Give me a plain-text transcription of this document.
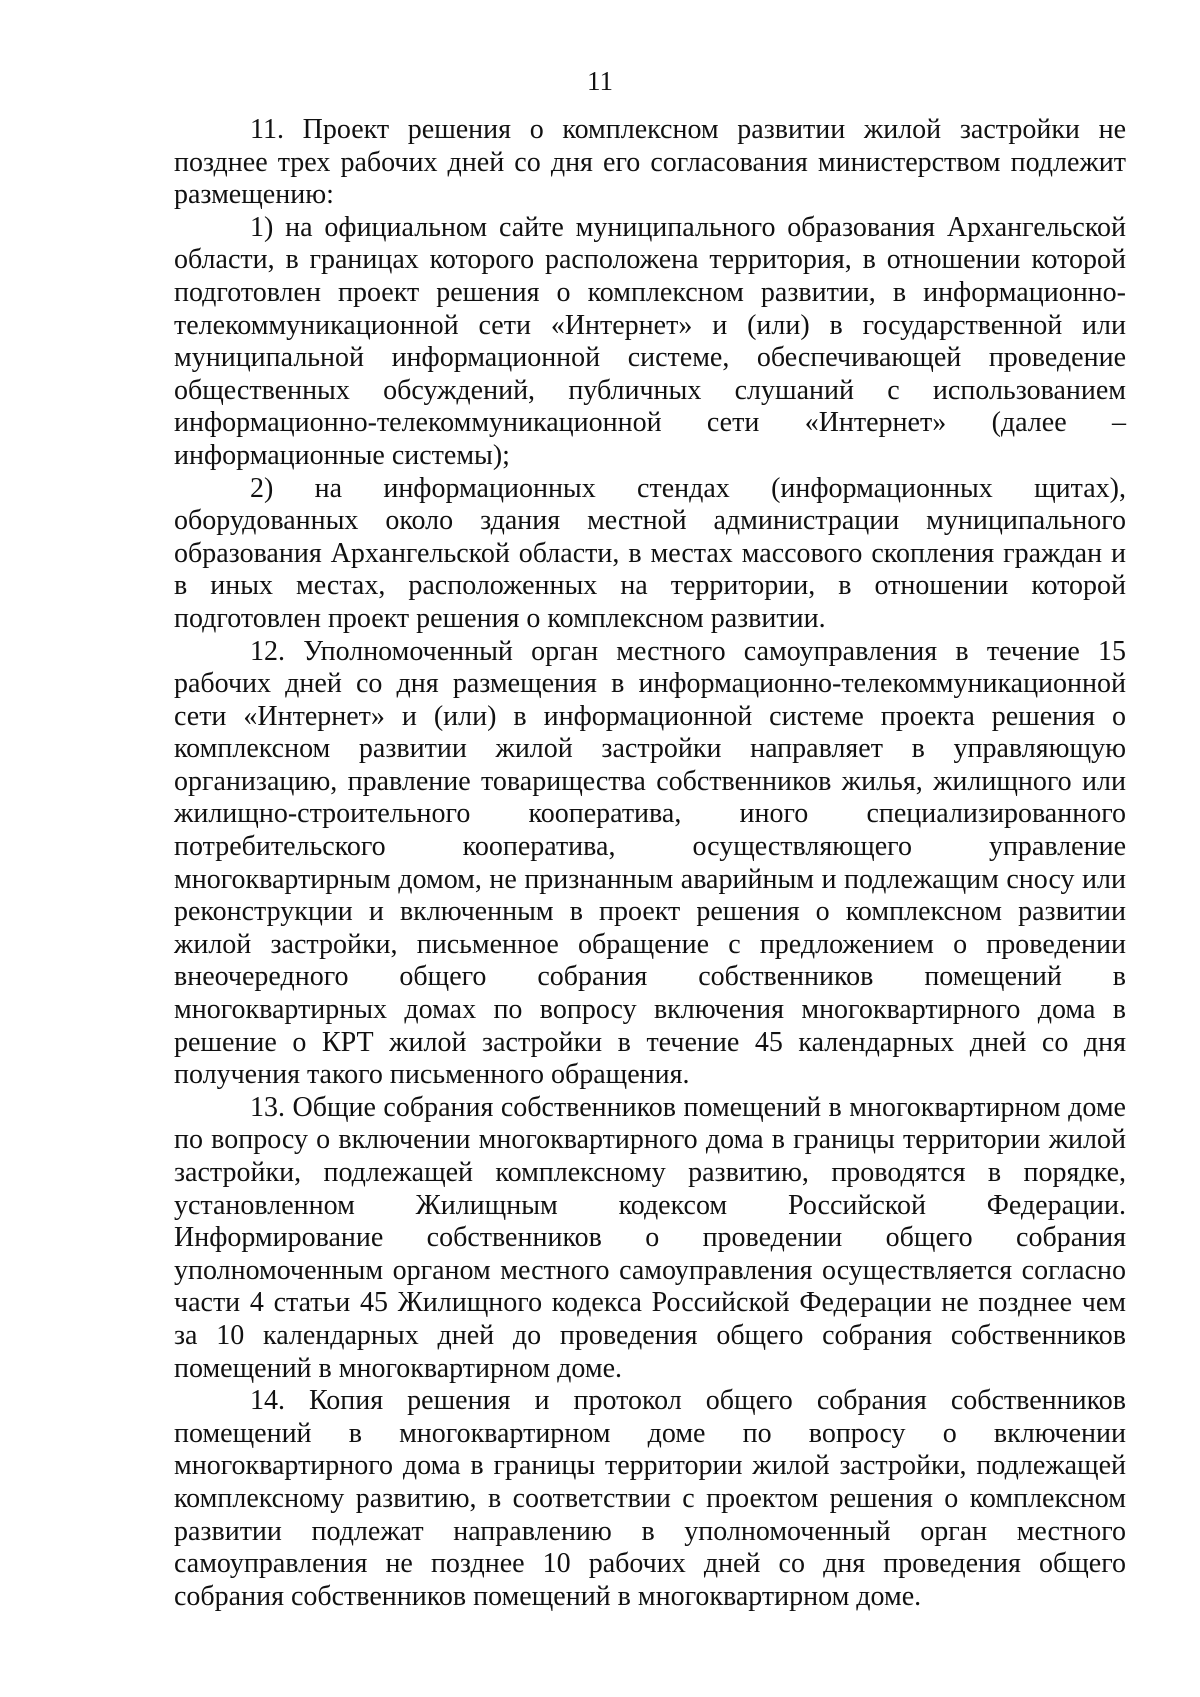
11

11. Проект решения о комплексном развитии жилой застройки не позднее трех рабочих дней со дня его согласования министерством подлежит размещению:

1) на официальном сайте муниципального образования Архангельской области, в границах которого расположена территория, в отношении которой подготовлен проект решения о комплексном развитии, в информационно-телекоммуникационной сети «Интернет» и (или) в государственной или муниципальной информационной системе, обеспечивающей проведение общественных обсуждений, публичных слушаний с использованием информационно-телекоммуникационной сети «Интернет» (далее – информационные системы);

2) на информационных стендах (информационных щитах), оборудованных около здания местной администрации муниципального образования Архангельской области, в местах массового скопления граждан и в иных местах, расположенных на территории, в отношении которой подготовлен проект решения о комплексном развитии.

12. Уполномоченный орган местного самоуправления в течение 15 рабочих дней со дня размещения в информационно-телекоммуникационной сети «Интернет» и (или) в информационной системе проекта решения о комплексном развитии жилой застройки направляет в управляющую организацию, правление товарищества собственников жилья, жилищного или жилищно-строительного кооператива, иного специализированного потребительского кооператива, осуществляющего управление многоквартирным домом, не признанным аварийным и подлежащим сносу или реконструкции и включенным в проект решения о комплексном развитии жилой застройки, письменное обращение с предложением о проведении внеочередного общего собрания собственников помещений в многоквартирных домах по вопросу включения многоквартирного дома в решение о КРТ жилой застройки в течение 45 календарных дней со дня получения такого письменного обращения.

13. Общие собрания собственников помещений в многоквартирном доме по вопросу о включении многоквартирного дома в границы территории жилой застройки, подлежащей комплексному развитию, проводятся в порядке, установленном Жилищным кодексом Российской Федерации. Информирование собственников о проведении общего собрания уполномоченным органом местного самоуправления осуществляется согласно части 4 статьи 45 Жилищного кодекса Российской Федерации не позднее чем за 10 календарных дней до проведения общего собрания собственников помещений в многоквартирном доме.

14. Копия решения и протокол общего собрания собственников помещений в многоквартирном доме по вопросу о включении многоквартирного дома в границы территории жилой застройки, подлежащей комплексному развитию, в соответствии с проектом решения о комплексном развитии подлежат направлению в уполномоченный орган местного самоуправления не позднее 10 рабочих дней со дня проведения общего собрания собственников помещений в многоквартирном доме.
